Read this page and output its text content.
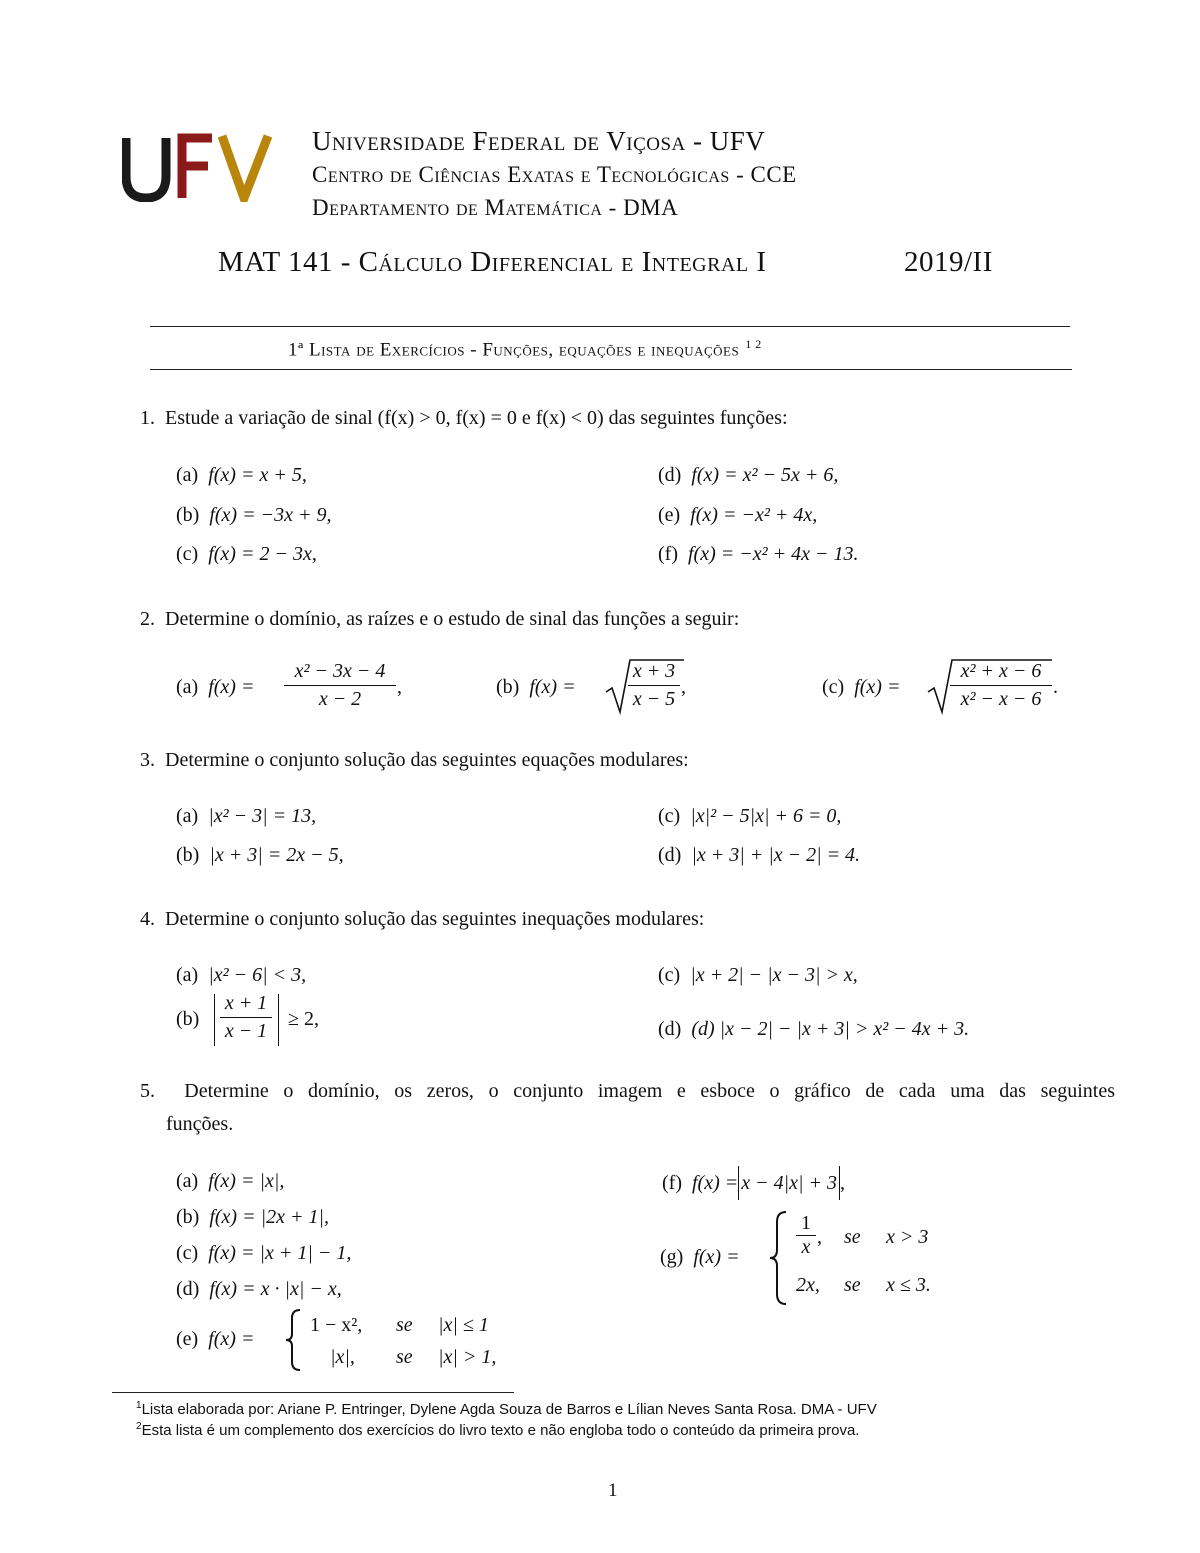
Universidade Federal de Viçosa - UFV
Centro de Ciências Exatas e Tecnológicas - CCE
Departamento de Matemática - DMA
MAT 141 - Cálculo Diferencial e Integral I	2019/II
1ª Lista de Exercícios - Funções, equações e inequações $^{1 2}$
1. Estude a variação de sinal (f(x) > 0, f(x) = 0 e f(x) < 0) das seguintes funções:
(a) f(x) = x + 5,
(b) f(x) = −3x + 9,
(c) f(x) = 2 − 3x,
(d) f(x) = x² − 5x + 6,
(e) f(x) = −x² + 4x,
(f) f(x) = −x² + 4x − 13.
2. Determine o domínio, as raízes e o estudo de sinal das funções a seguir:
(a) f(x) =
x² − 3x − 4
x − 2
,	(b) f(x) =
x + 3
x − 5
,	(c) f(x) =
x² + x − 6
x² − x − 6
.
3. Determine o conjunto solução das seguintes equações modulares:
(a) |x² − 3| = 13,
(b) |x + 3| = 2x − 5,
(c) |x|² − 5|x| + 6 = 0,
(d) |x + 3| + |x − 2| = 4.
4. Determine o conjunto solução das seguintes inequações modulares:
(a) |x² − 6| < 3,
(b)
x + 1
x − 1
≥ 2,
(c) |x + 2| − |x − 3| > x,
(d) (d) |x − 2| − |x + 3| > x² − 4x + 3.
5. Determine o domínio, os zeros, o conjunto imagem e esboce o gráfico de cada uma das seguintes
funções.
(a) f(x) = |x|,
(b) f(x) = |2x + 1|,
(c) f(x) = |x + 1| − 1,
(d) f(x) = x · |x| − x,
(e) f(x) =
1 − x², se |x| ≤ 1
|x|, se |x| > 1,
(f) f(x) = x − 4|x| + 3 ,
(g) f(x) =
1
x , se x > 3
2x, se x ≤ 3.
$^1$Lista elaborada por: Ariane P. Entringer, Dylene Agda Souza de Barros e Lílian Neves Santa Rosa. DMA - UFV
$^2$Esta lista é um complemento dos exercícios do livro texto e não engloba todo o conteúdo da primeira prova.
1
